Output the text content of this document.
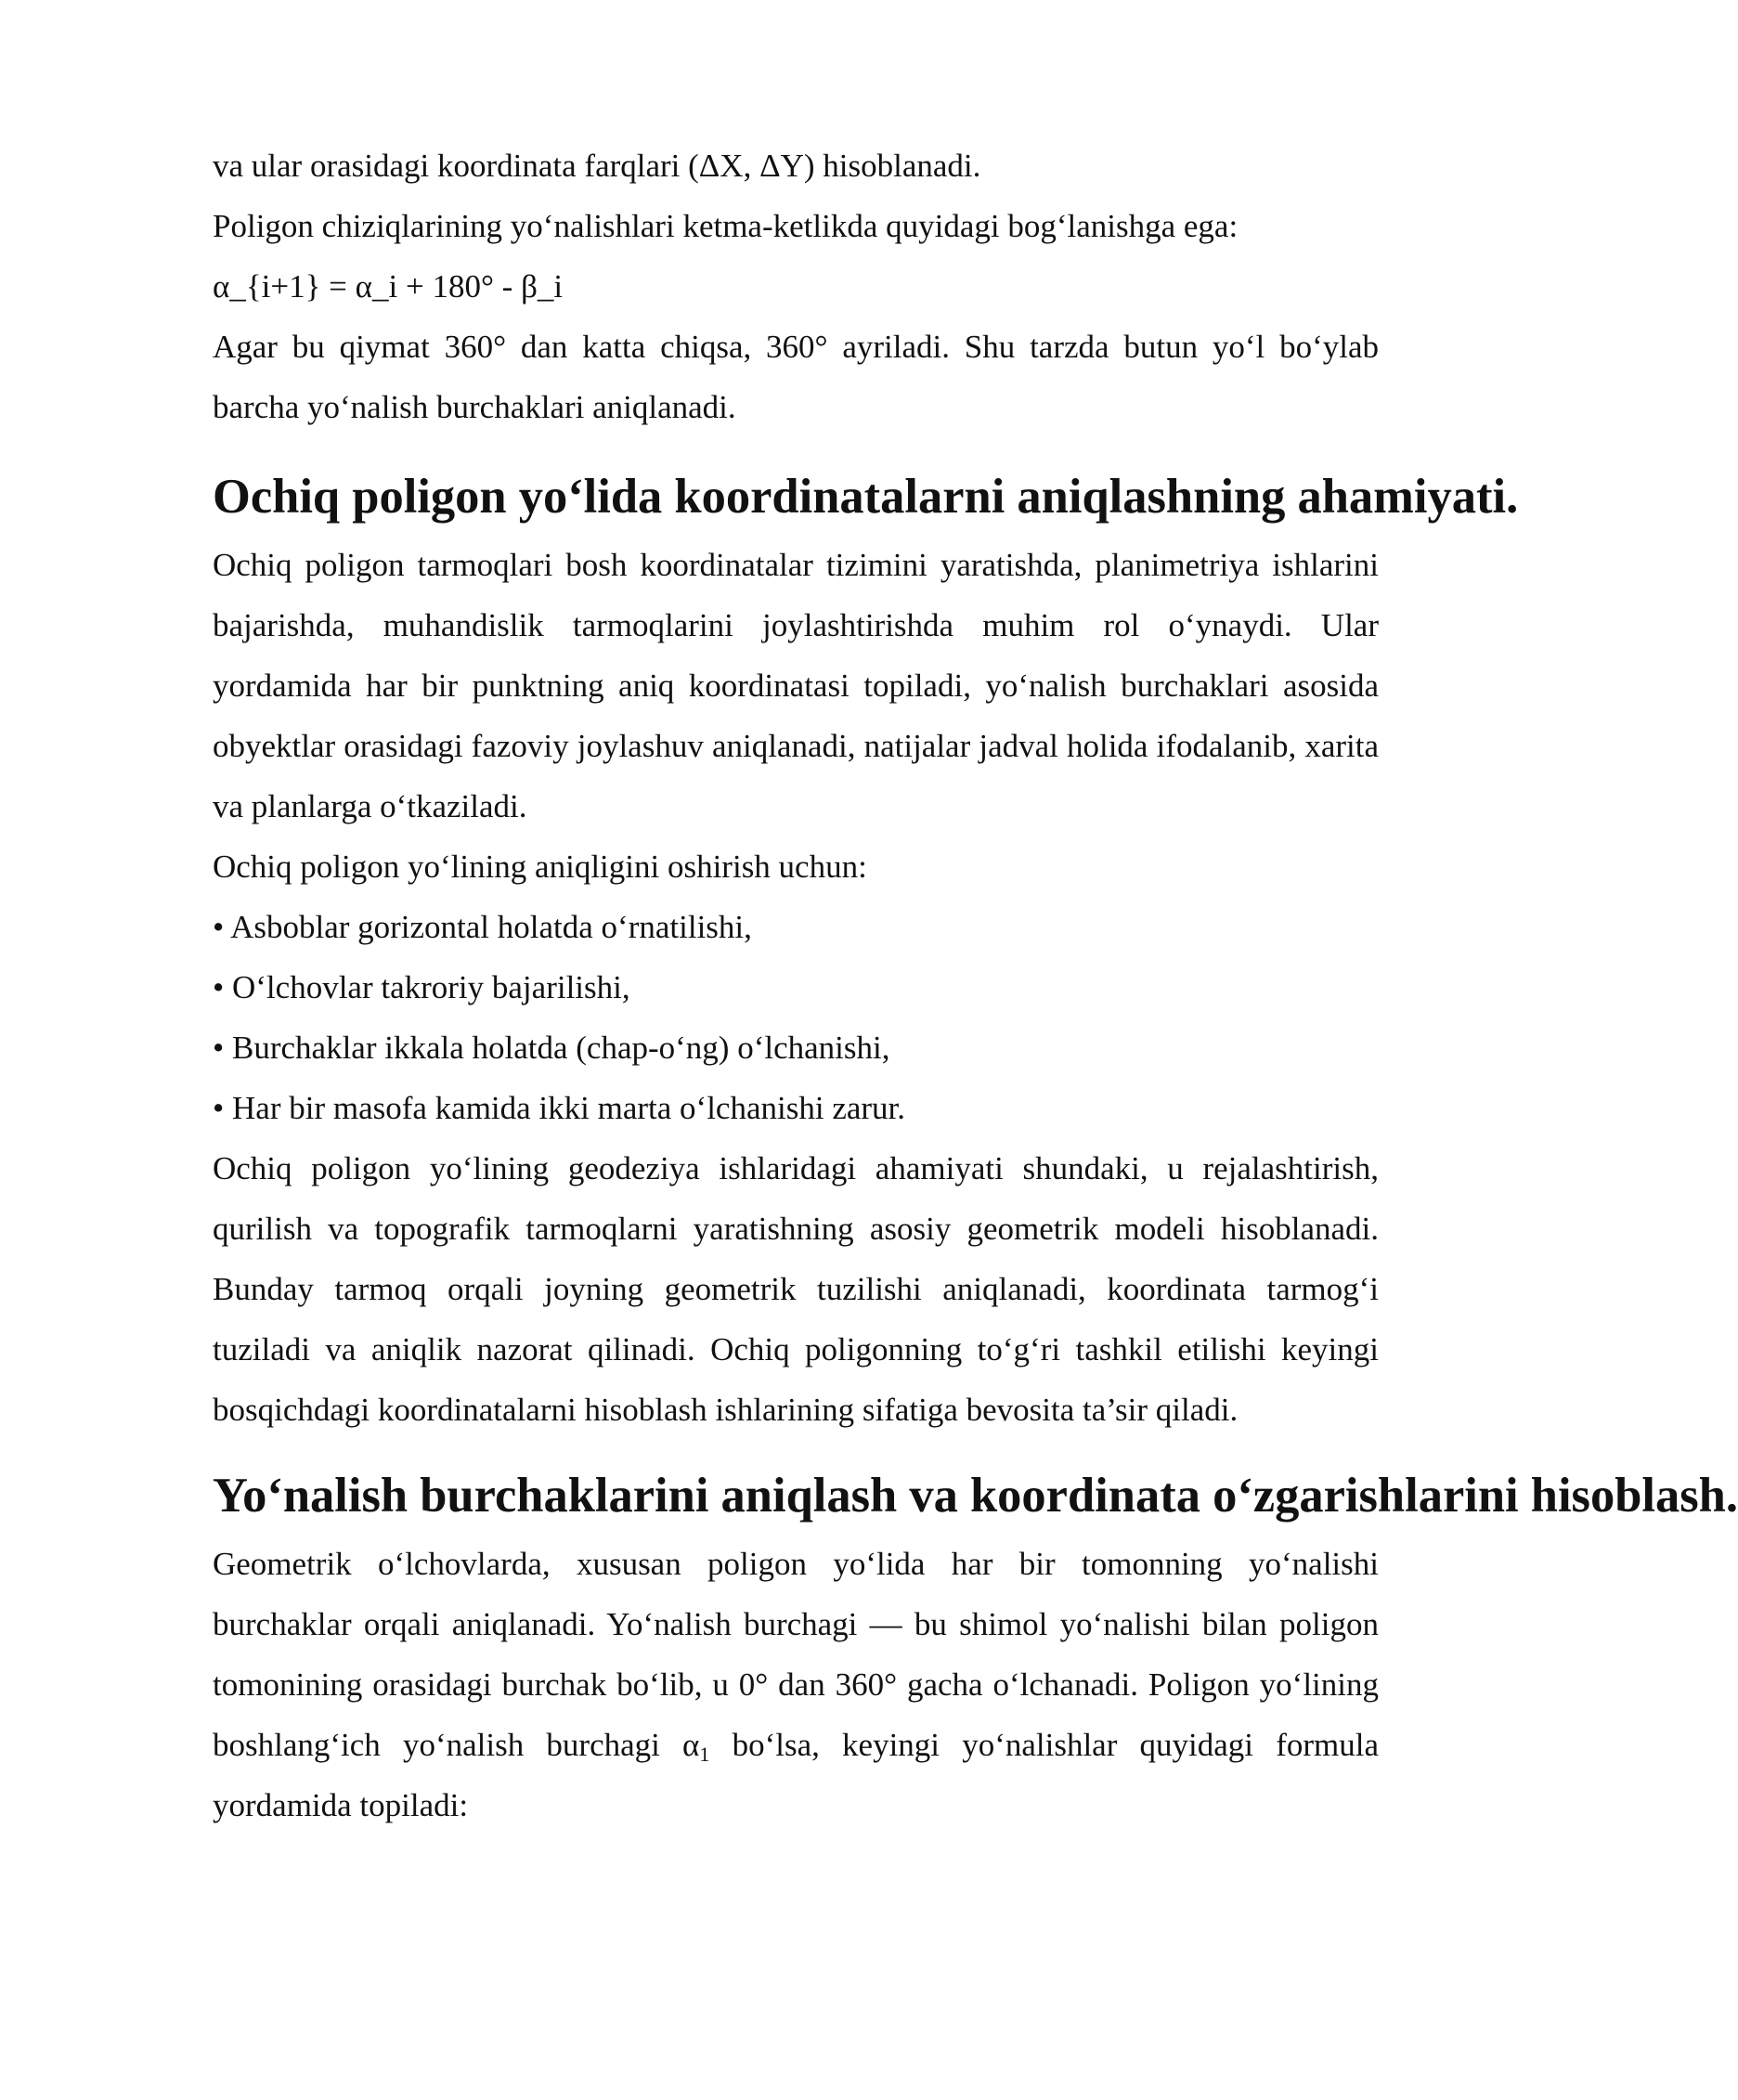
va ular orasidagi koordinata farqlari (ΔX, ΔY) hisoblanadi.

Poligon chiziqlarining yo‘nalishlari ketma-ketlikda quyidagi bog‘lanishga ega:

α_{i+1} = α_i + 180° - β_i

Agar bu qiymat 360° dan katta chiqsa, 360° ayriladi. Shu tarzda butun yo‘l bo‘ylab barcha yo‘nalish burchaklari aniqlanadi.

Ochiq poligon yo‘lida koordinatalarni aniqlashning ahamiyati.

Ochiq poligon tarmoqlari bosh koordinatalar tizimini yaratishda, planimetriya ishlarini bajarishda, muhandislik tarmoqlarini joylashtirishda muhim rol o‘ynaydi. Ular yordamida har bir punktning aniq koordinatasi topiladi, yo‘nalish burchaklari asosida obyektlar orasidagi fazoviy joylashuv aniqlanadi, natijalar jadval holida ifodalanib, xarita va planlarga o‘tkaziladi.

Ochiq poligon yo‘lining aniqligini oshirish uchun:

• Asboblar gorizontal holatda o‘rnatilishi,

• O‘lchovlar takroriy bajarilishi,

• Burchaklar ikkala holatda (chap-o‘ng) o‘lchanishi,

• Har bir masofa kamida ikki marta o‘lchanishi zarur.

Ochiq poligon yo‘lining geodeziya ishlaridagi ahamiyati shundaki, u rejalashtirish, qurilish va topografik tarmoqlarni yaratishning asosiy geometrik modeli hisoblanadi. Bunday tarmoq orqali joyning geometrik tuzilishi aniqlanadi, koordinata tarmog‘i tuziladi va aniqlik nazorat qilinadi. Ochiq poligonning to‘g‘ri tashkil etilishi keyingi bosqichdagi koordinatalarni hisoblash ishlarining sifatiga bevosita ta’sir qiladi.

Yo‘nalish burchaklarini aniqlash va koordinata o‘zgarishlarini hisoblash.

Geometrik o‘lchovlarda, xususan poligon yo‘lida har bir tomonning yo‘nalishi burchaklar orqali aniqlanadi. Yo‘nalish burchagi — bu shimol yo‘nalishi bilan poligon tomonining orasidagi burchak bo‘lib, u 0° dan 360° gacha o‘lchanadi. Poligon yo‘lining boshlang‘ich yo‘nalish burchagi $\alpha_1$ bo‘lsa, keyingi yo‘nalishlar quyidagi formula yordamida topiladi:
